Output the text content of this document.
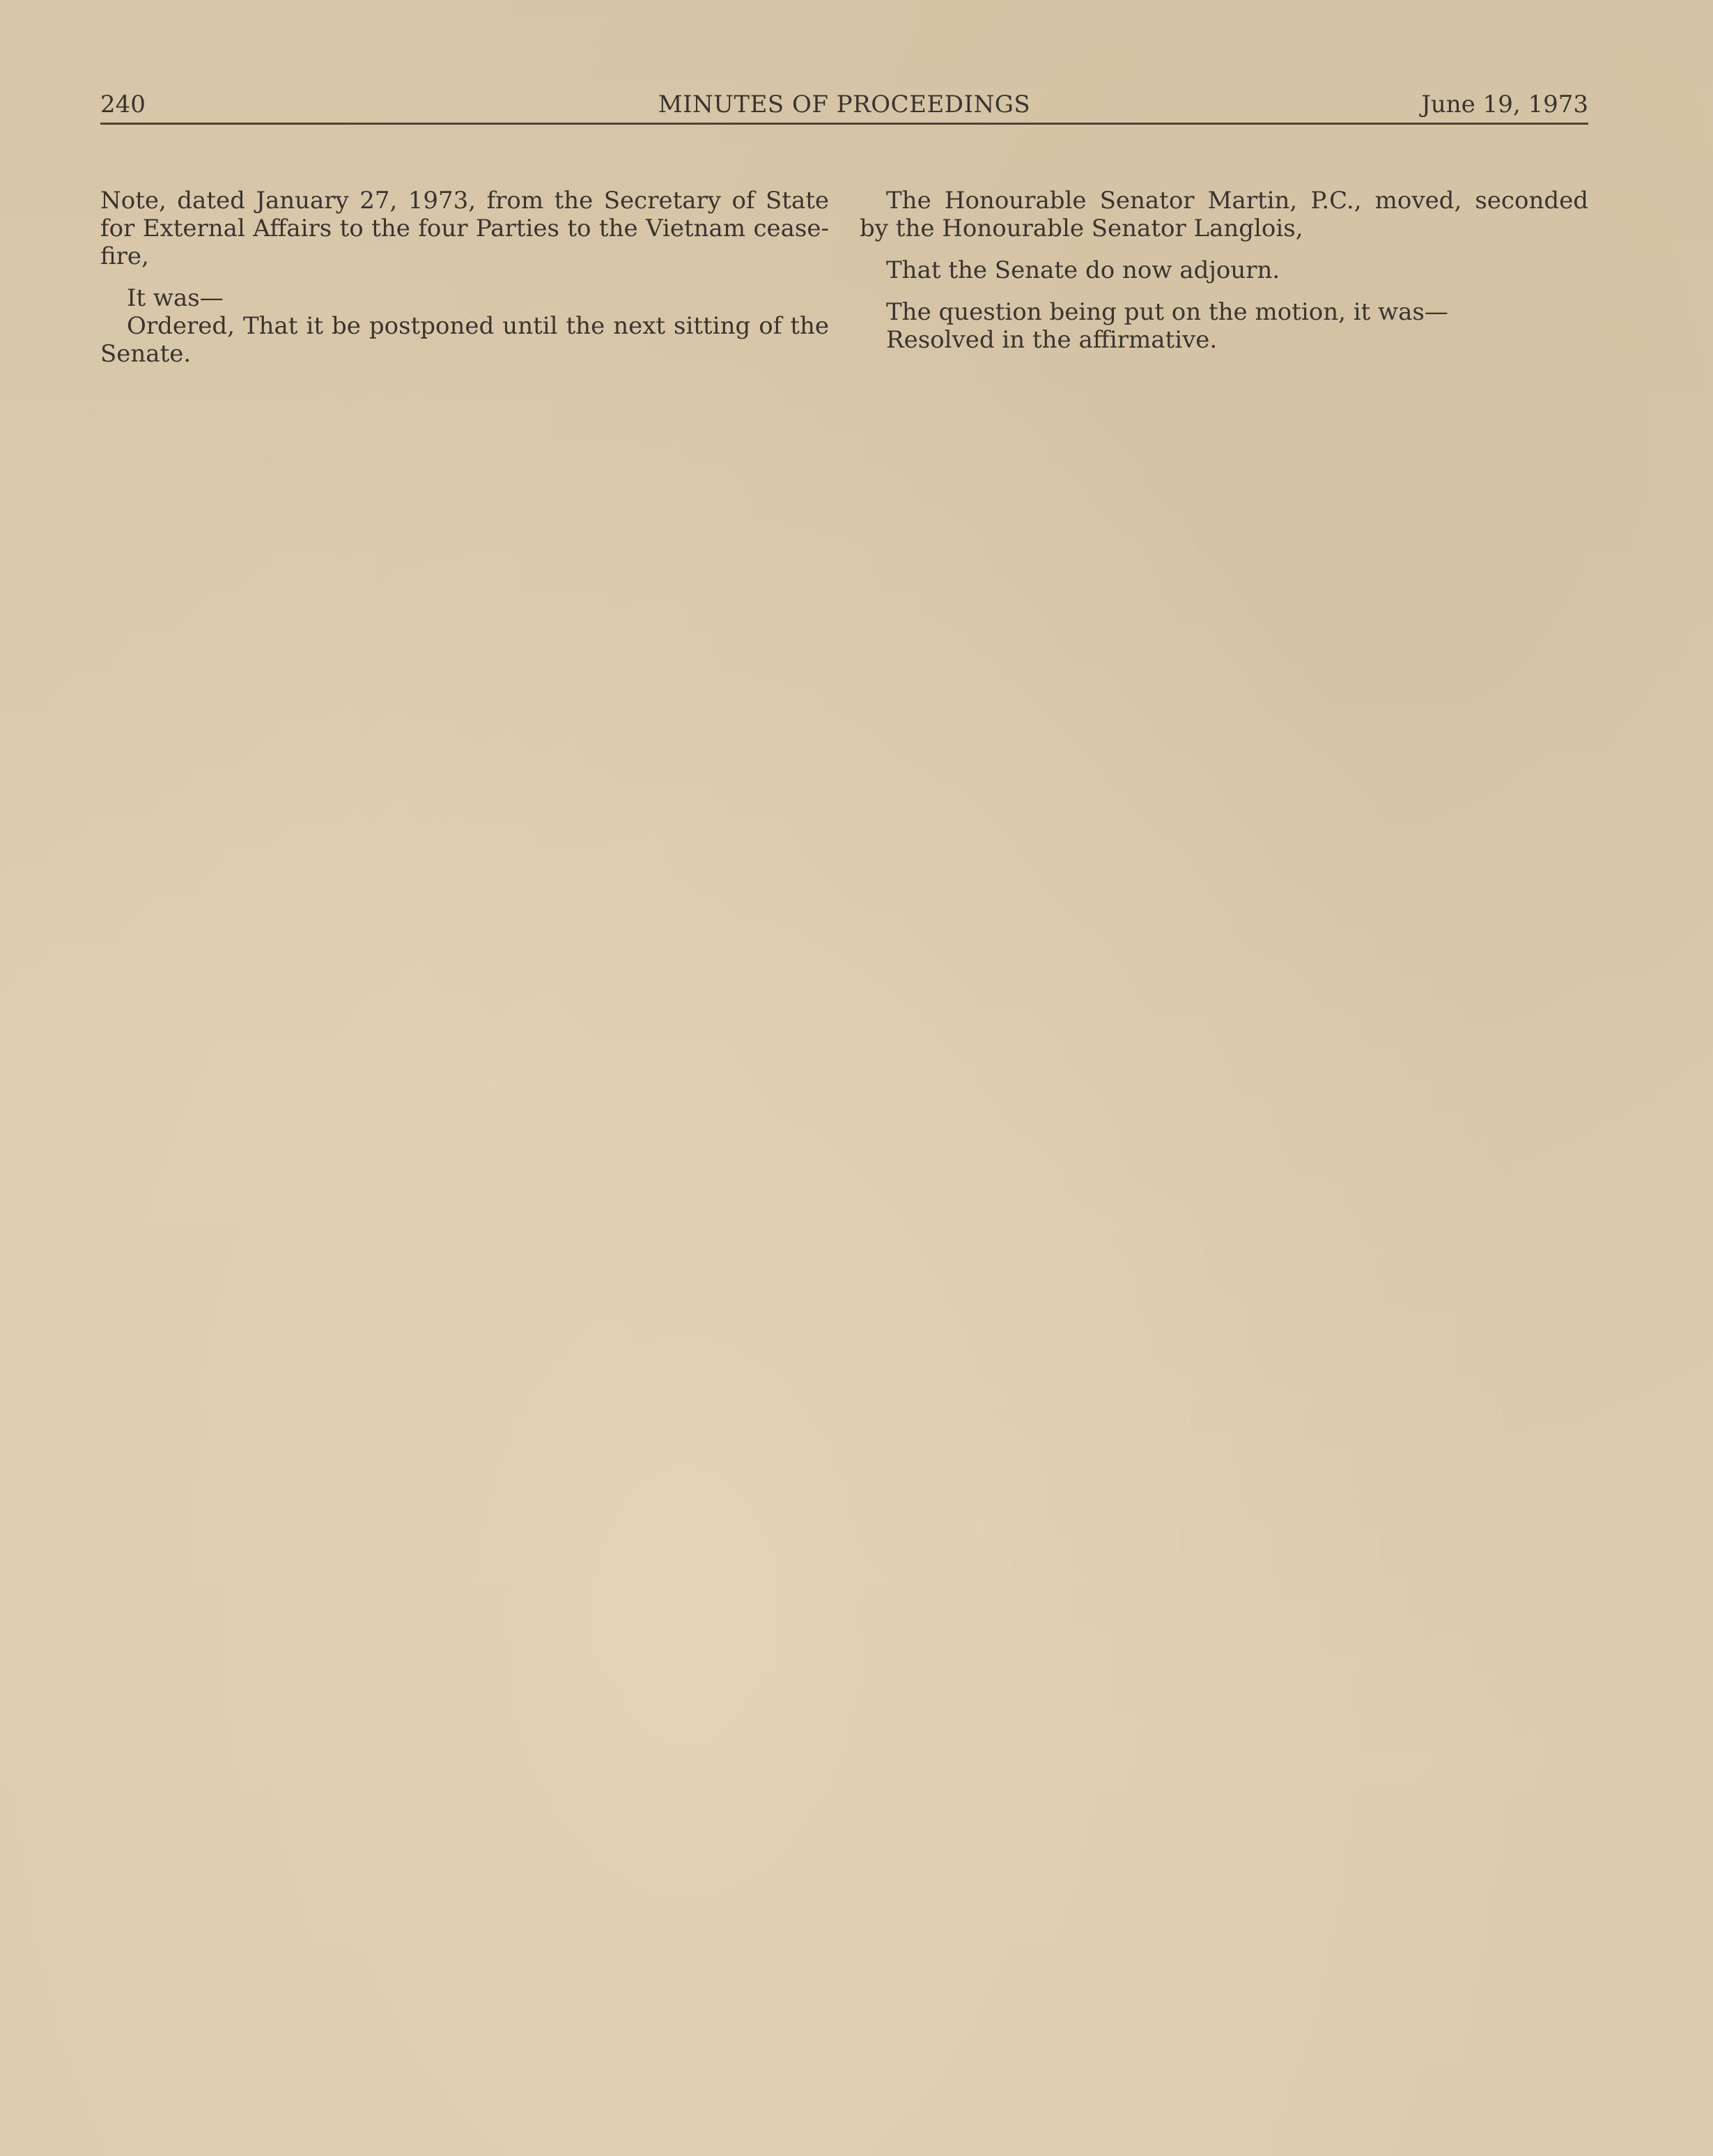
240	MINUTES OF PROCEEDINGS	June 19, 1973

Note, dated January 27, 1973, from the Secretary of State for External Affairs to the four Parties to the Vietnam cease-fire,

It was—

Ordered, That it be postponed until the next sitting of the Senate.

The Honourable Senator Martin, P.C., moved, seconded by the Honourable Senator Langlois,

That the Senate do now adjourn.

The question being put on the motion, it was—

Resolved in the affirmative.
